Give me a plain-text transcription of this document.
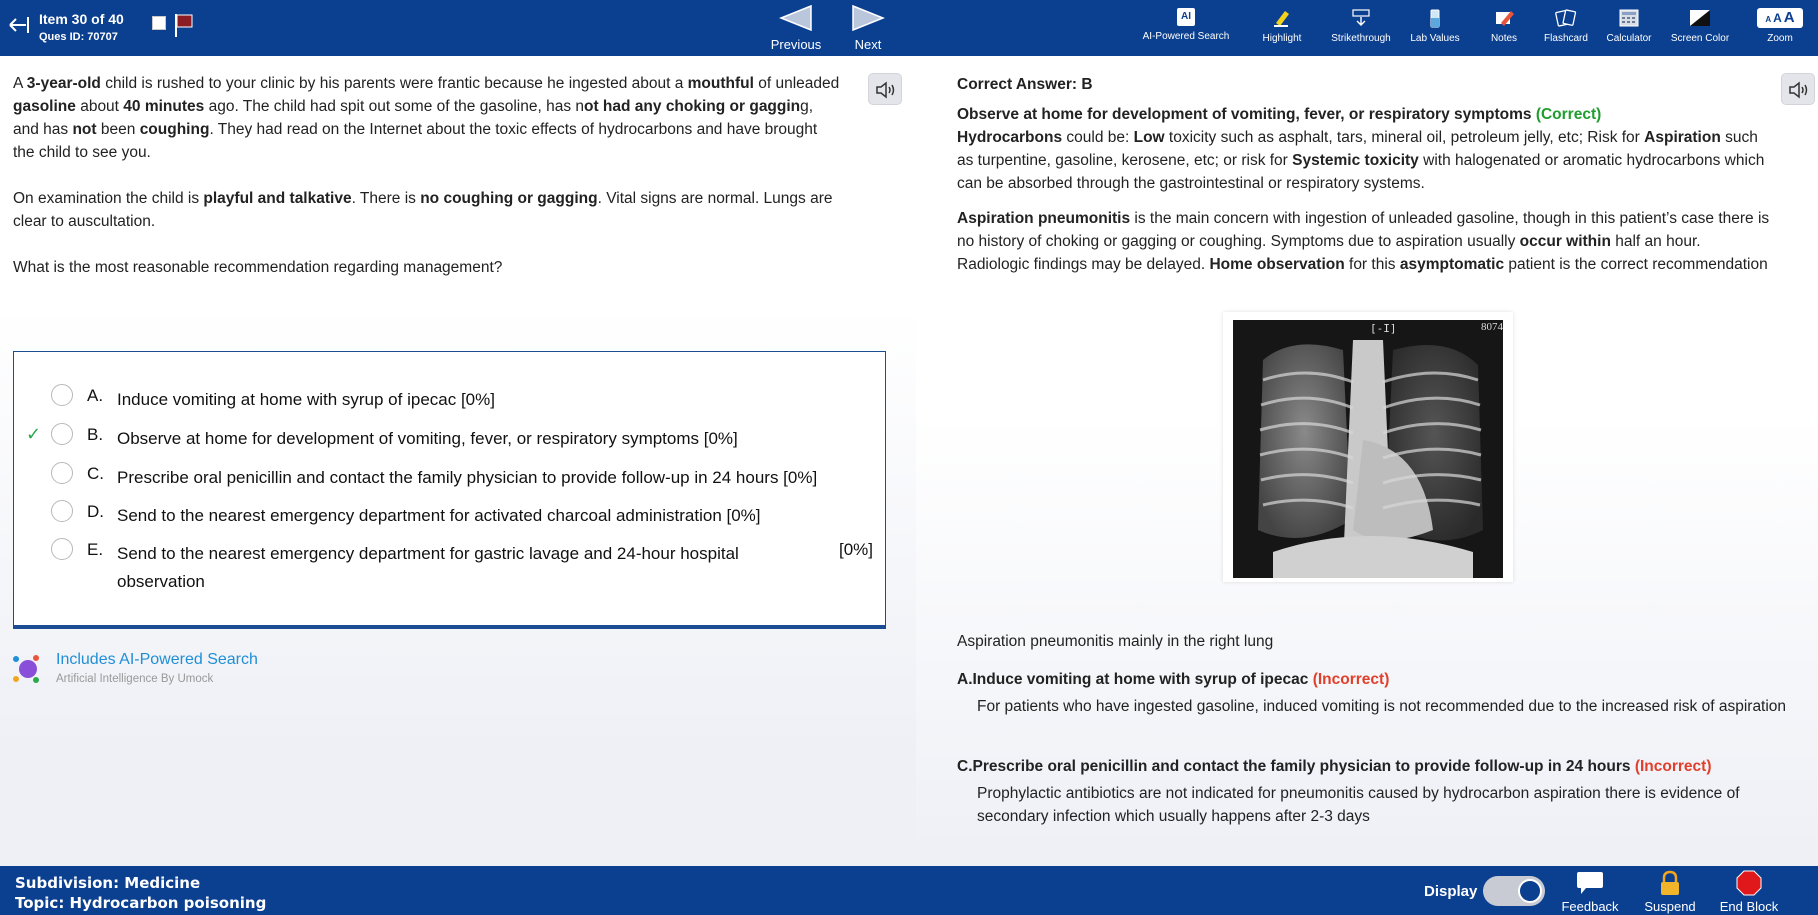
Item 30 of 40
Ques ID: 70707	Previous	Next
AI
AI-Powered Search	Highlight	Strikethrough	Lab Values	Notes	Flashcard	Calculator Screen Color
A A A
Zoom

A 3-year-old child is rushed to your clinic by his parents were frantic because he ingested about a mouthful of unleaded gasoline about 40 minutes ago. The child had spit out some of the gasoline, has not had any choking or gagging, and has not been coughing. They had read on the Internet about the toxic effects of hydrocarbons and have brought the child to see you.

On examination the child is playful and talkative. There is no coughing or gagging. Vital signs are normal. Lungs are clear to auscultation.

What is the most reasonable recommendation regarding management?

A. Induce vomiting at home with syrup of ipecac [0%]
✓	B. Observe at home for development of vomiting, fever, or respiratory symptoms [0%]
C. Prescribe oral penicillin and contact the family physician to provide follow-up in 24 hours [0%]
D. Send to the nearest emergency department for activated charcoal administration [0%]
E. Send to the nearest emergency department for gastric lavage and 24-hour hospital observation
[0%]
Includes AI-Powered Search
Artificial Intelligence By Umock
Correct Answer: B
Observe at home for development of vomiting, fever, or respiratory symptoms (Correct)
Hydrocarbons could be: Low toxicity such as asphalt, tars, mineral oil, petroleum jelly, etc; Risk for Aspiration such as turpentine, gasoline, kerosene, etc; or risk for Systemic toxicity with halogenated or aromatic hydrocarbons which can be absorbed through the gastrointestinal or respiratory systems.
Aspiration pneumonitis is the main concern with ingestion of unleaded gasoline, though in this patient’s case there is no history of choking or gagging or coughing. Symptoms due to aspiration usually occur within half an hour. Radiologic findings may be delayed. Home observation for this asymptomatic patient is the correct recommendation
[-I]	8074
Aspiration pneumonitis mainly in the right lung
A.Induce vomiting at home with syrup of ipecac (Incorrect)
For patients who have ingested gasoline, induced vomiting is not recommended due to the increased risk of aspiration
C.Prescribe oral penicillin and contact the family physician to provide follow-up in 24 hours (Incorrect)
Prophylactic antibiotics are not indicated for pneumonitis caused by hydrocarbon aspiration there is evidence of secondary infection which usually happens after 2-3 days
Subdivision: Medicine
Topic: Hydrocarbon poisoning
Display
Feedback	Suspend	End Block
